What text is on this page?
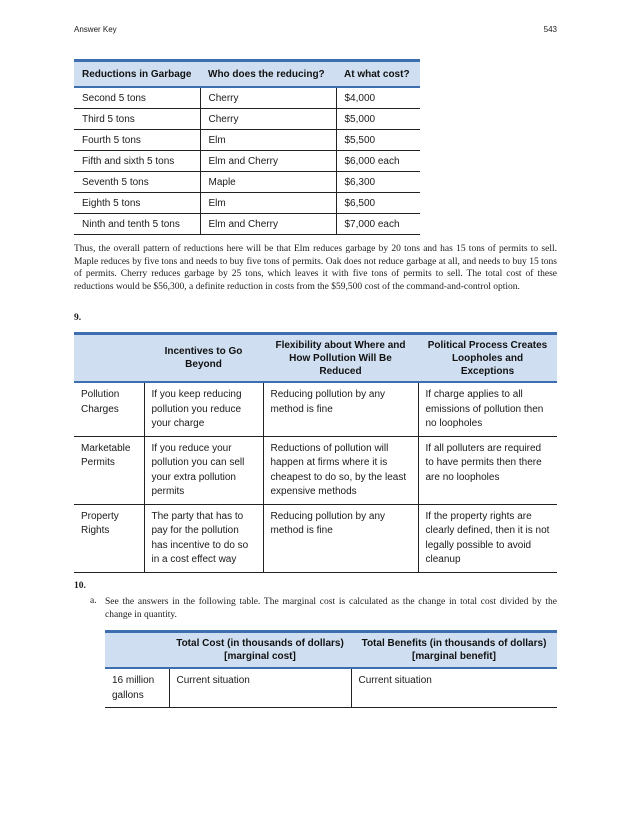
Answer Key	543
Reductions in Garbage	Who does the reducing?	At what cost?
Second 5 tons	Cherry	$4,000
Third 5 tons	Cherry	$5,000
Fourth 5 tons	Elm	$5,500
Fifth and sixth 5 tons	Elm and Cherry	$6,000 each
Seventh 5 tons	Maple	$6,300
Eighth 5 tons	Elm	$6,500
Ninth and tenth 5 tons	Elm and Cherry	$7,000 each

Thus, the overall pattern of reductions here will be that Elm reduces garbage by 20 tons and has 15 tons of permits to sell. Maple reduces by five tons and needs to buy five tons of permits. Oak does not reduce garbage at all, and needs to buy 15 tons of permits. Cherry reduces garbage by 25 tons, which leaves it with five tons of permits to sell. The total cost of these reductions would be $56,300, a definite reduction in costs from the $59,500 cost of the command-and-control option.

9.
	Incentives to Go Beyond	Flexibility about Where and How Pollution Will Be Reduced	Political Process Creates Loopholes and Exceptions
Pollution Charges	If you keep reducing pollution you reduce your charge	Reducing pollution by any method is fine	If charge applies to all emissions of pollution then no loopholes
Marketable Permits	If you reduce your pollution you can sell your extra pollution permits	Reductions of pollution will happen at firms where it is cheapest to do so, by the least expensive methods	If all polluters are required to have permits then there are no loopholes
Property Rights	The party that has to pay for the pollution has incentive to do so in a cost effect way	Reducing pollution by any method is fine	If the property rights are clearly defined, then it is not legally possible to avoid cleanup
10.
a. See the answers in the following table. The marginal cost is calculated as the change in total cost divided by the change in quantity.
	Total Cost (in thousands of dollars) [marginal cost]	Total Benefits (in thousands of dollars) [marginal benefit]
16 million gallons	Current situation	Current situation
